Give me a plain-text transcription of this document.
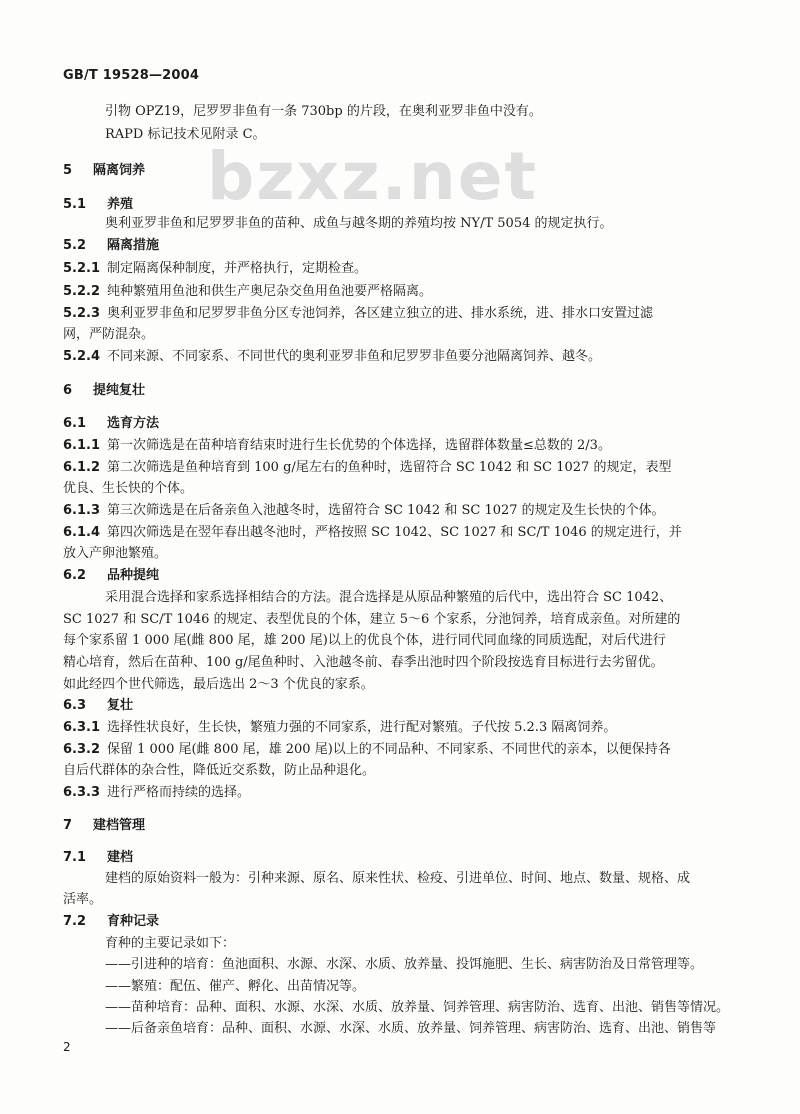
GB/T 19528—2004
bzxz.net
引物 OPZ19，尼罗罗非鱼有一条 730bp 的片段，在奥利亚罗非鱼中没有。
RAPD 标记技术见附录 C。
5 隔离饲养
5.1 养殖
奥利亚罗非鱼和尼罗罗非鱼的苗种、成鱼与越冬期的养殖均按 NY/T 5054 的规定执行。
5.2 隔离措施
5.2.1 制定隔离保种制度，并严格执行，定期检查。
5.2.2 纯种繁殖用鱼池和供生产奥尼杂交鱼用鱼池要严格隔离。
5.2.3 奥利亚罗非鱼和尼罗罗非鱼分区专池饲养，各区建立独立的进、排水系统，进、排水口安置过滤
网，严防混杂。
5.2.4 不同来源、不同家系、不同世代的奥利亚罗非鱼和尼罗罗非鱼要分池隔离饲养、越冬。
6 提纯复壮
6.1 选育方法
6.1.1 第一次筛选是在苗种培育结束时进行生长优势的个体选择，选留群体数量≤总数的 2/3。
6.1.2 第二次筛选是鱼种培育到 100 g/尾左右的鱼种时，选留符合 SC 1042 和 SC 1027 的规定，表型
优良、生长快的个体。
6.1.3 第三次筛选是在后备亲鱼入池越冬时，选留符合 SC 1042 和 SC 1027 的规定及生长快的个体。
6.1.4 第四次筛选是在翌年春出越冬池时，严格按照 SC 1042、SC 1027 和 SC/T 1046 的规定进行，并
放入产卵池繁殖。
6.2 品种提纯
采用混合选择和家系选择相结合的方法。混合选择是从原品种繁殖的后代中，选出符合 SC 1042、
SC 1027 和 SC/T 1046 的规定、表型优良的个体，建立 5～6 个家系，分池饲养，培育成亲鱼。对所建的
每个家系留 1 000 尾(雌 800 尾，雄 200 尾)以上的优良个体，进行同代同血缘的同质选配，对后代进行
精心培育，然后在苗种、100 g/尾鱼种时、入池越冬前、春季出池时四个阶段按选育目标进行去劣留优。
如此经四个世代筛选，最后选出 2～3 个优良的家系。
6.3 复壮
6.3.1 选择性状良好，生长快，繁殖力强的不同家系，进行配对繁殖。子代按 5.2.3 隔离饲养。
6.3.2 保留 1 000 尾(雌 800 尾，雄 200 尾)以上的不同品种、不同家系、不同世代的亲本，以便保持各
自后代群体的杂合性，降低近交系数，防止品种退化。
6.3.3 进行严格而持续的选择。
7 建档管理
7.1 建档
建档的原始资料一般为：引种来源、原名、原来性状、检疫、引进单位、时间、地点、数量、规格、成
活率。
7.2 育种记录
育种的主要记录如下：
——引进种的培育：鱼池面积、水源、水深、水质、放养量、投饵施肥、生长、病害防治及日常管理等。
——繁殖：配伍、催产、孵化、出苗情况等。
——苗种培育：品种、面积、水源、水深、水质、放养量、饲养管理、病害防治、选育、出池、销售等情况。
——后备亲鱼培育：品种、面积、水源、水深、水质、放养量、饲养管理、病害防治、选育、出池、销售等
2
